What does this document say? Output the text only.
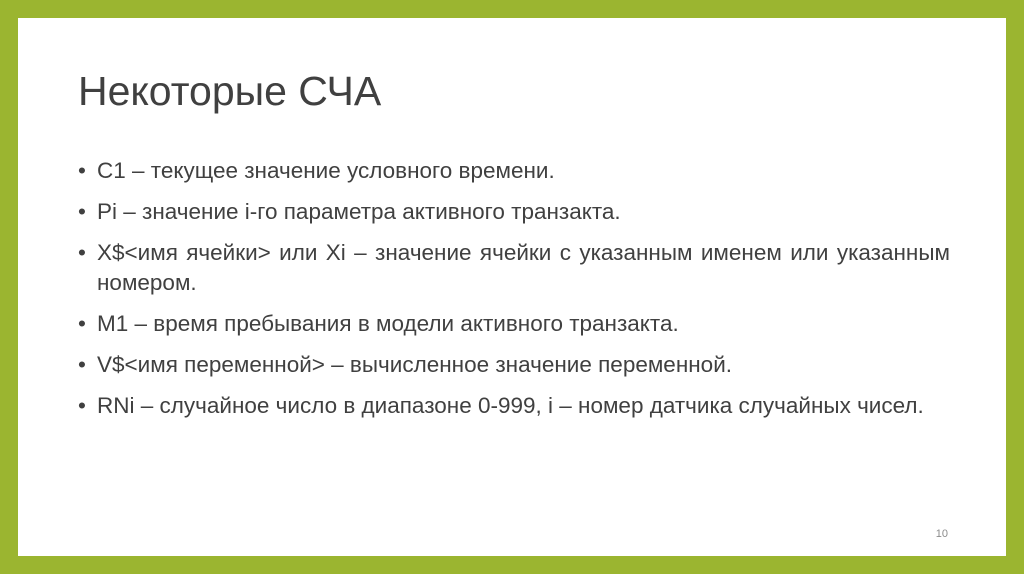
Некоторые СЧА
• С1 – текущее значение условного времени.
• Pi – значение i-го параметра активного транзакта.
• X$<имя ячейки> или Xi – значение ячейки с указанным именем или указанным номером.
• M1 – время пребывания в модели активного транзакта.
• V$<имя переменной> – вычисленное значение переменной.
• RNi – случайное число в диапазоне 0-999, i – номер датчика случайных чисел.
10
